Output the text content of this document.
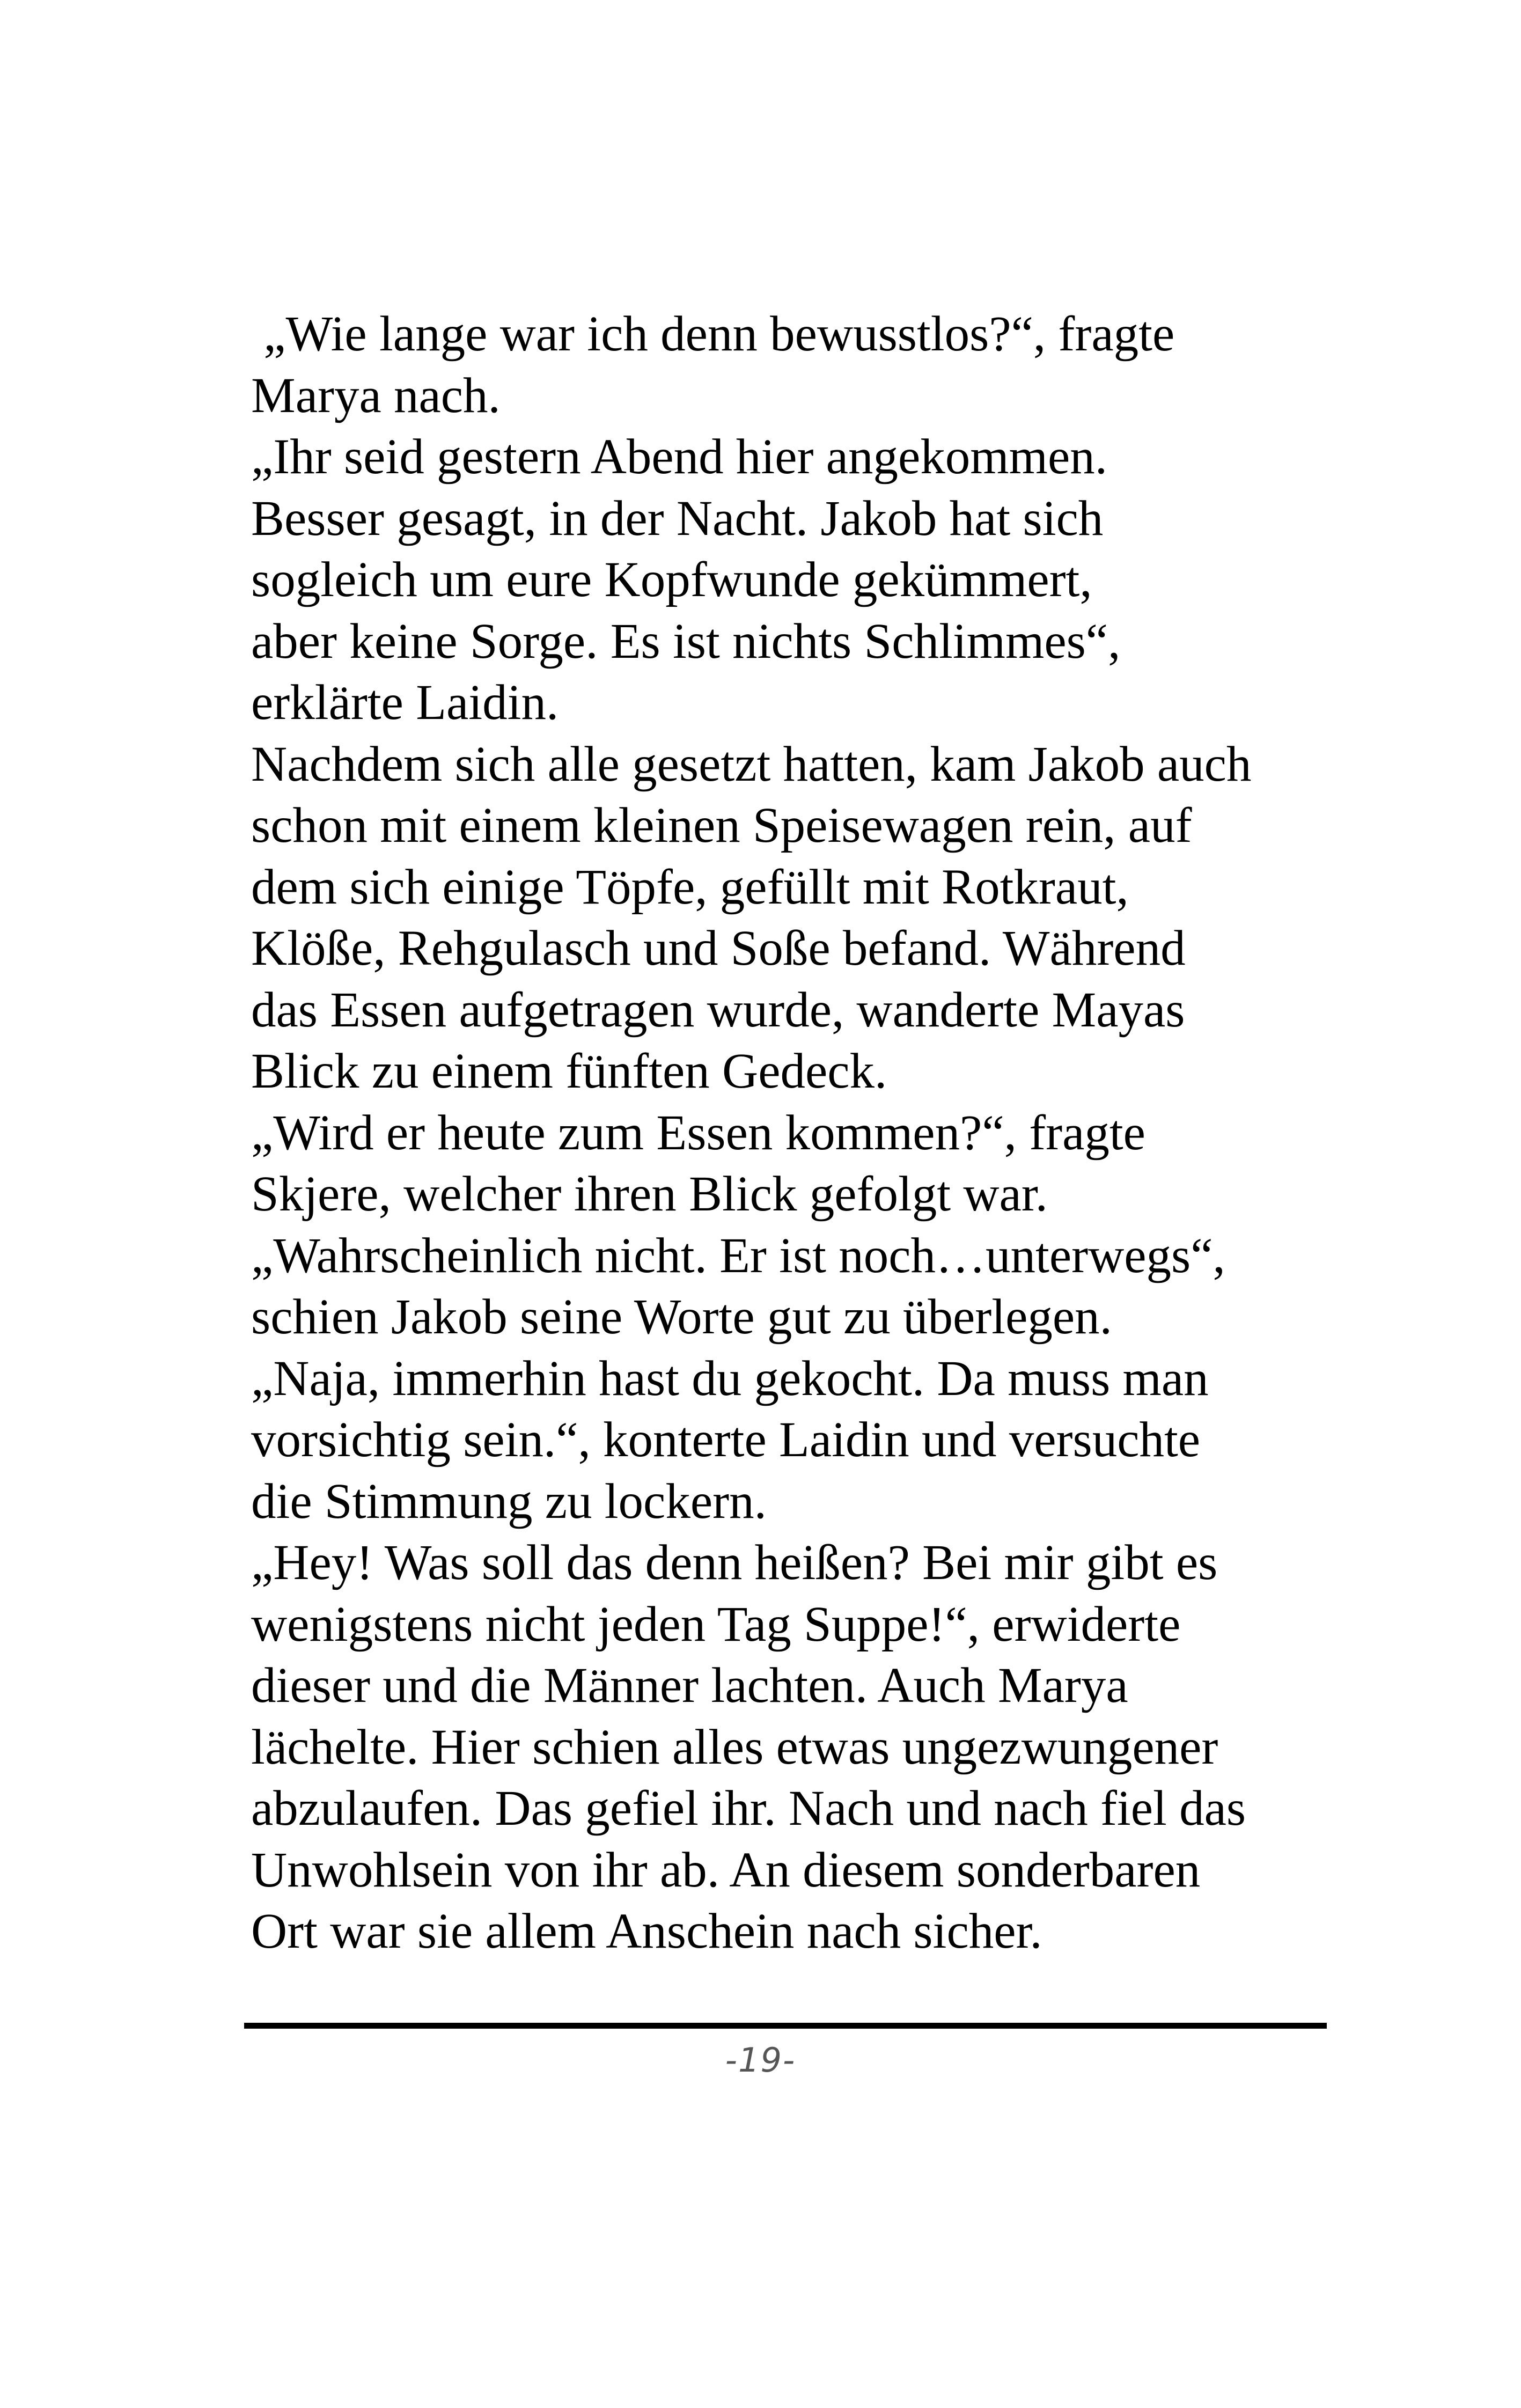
„Wie lange war ich denn bewusstlos?“, fragte
Marya nach.
„Ihr seid gestern Abend hier angekommen.
Besser gesagt, in der Nacht. Jakob hat sich
sogleich um eure Kopfwunde gekümmert,
aber keine Sorge. Es ist nichts Schlimmes“,
erklärte Laidin.
Nachdem sich alle gesetzt hatten, kam Jakob auch
schon mit einem kleinen Speisewagen rein, auf
dem sich einige Töpfe, gefüllt mit Rotkraut,
Klöße, Rehgulasch und Soße befand. Während
das Essen aufgetragen wurde, wanderte Mayas
Blick zu einem fünften Gedeck.
„Wird er heute zum Essen kommen?“, fragte
Skjere, welcher ihren Blick gefolgt war.
„Wahrscheinlich nicht. Er ist noch…unterwegs“,
schien Jakob seine Worte gut zu überlegen.
„Naja, immerhin hast du gekocht. Da muss man
vorsichtig sein.“, konterte Laidin und versuchte
die Stimmung zu lockern.
„Hey! Was soll das denn heißen? Bei mir gibt es
wenigstens nicht jeden Tag Suppe!“, erwiderte
dieser und die Männer lachten. Auch Marya
lächelte. Hier schien alles etwas ungezwungener
abzulaufen. Das gefiel ihr. Nach und nach fiel das
Unwohlsein von ihr ab. An diesem sonderbaren
Ort war sie allem Anschein nach sicher.
-19-
